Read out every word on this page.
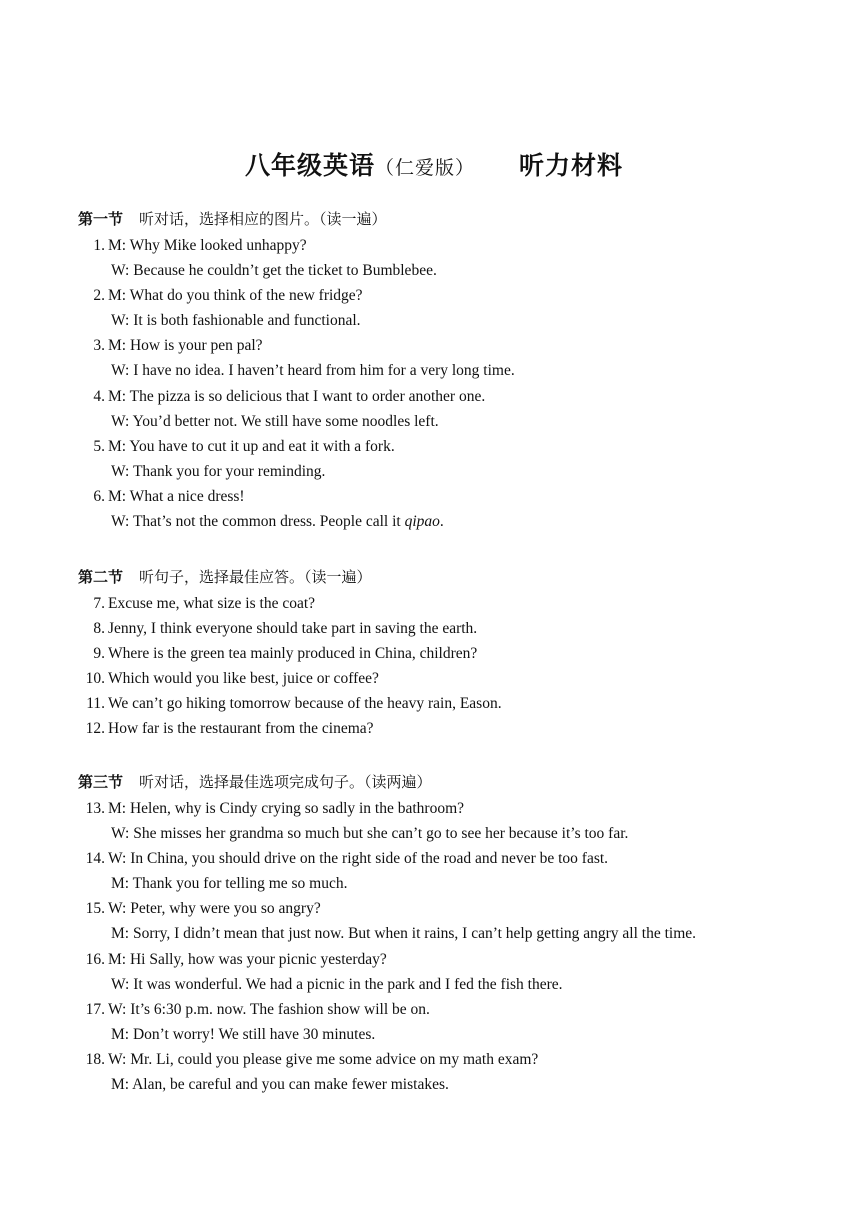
八年级英语（仁爱版） 听力材料
第一节 听对话，选择相应的图片。（读一遍）
1. M: Why Mike looked unhappy?
W: Because he couldn’t get the ticket to Bumblebee.
2. M: What do you think of the new fridge?
W: It is both fashionable and functional.
3. M: How is your pen pal?
W: I have no idea. I haven’t heard from him for a very long time.
4. M: The pizza is so delicious that I want to order another one.
W: You’d better not. We still have some noodles left.
5. M: You have to cut it up and eat it with a fork.
W: Thank you for your reminding.
6. M: What a nice dress!
W: That’s not the common dress. People call it qipao.
第二节 听句子，选择最佳应答。（读一遍）
7. Excuse me, what size is the coat?
8. Jenny, I think everyone should take part in saving the earth.
9. Where is the green tea mainly produced in China, children?
10. Which would you like best, juice or coffee?
11. We can’t go hiking tomorrow because of the heavy rain, Eason.
12. How far is the restaurant from the cinema?
第三节 听对话，选择最佳选项完成句子。（读两遍）
13. M: Helen, why is Cindy crying so sadly in the bathroom?
W: She misses her grandma so much but she can’t go to see her because it’s too far.
14. W: In China, you should drive on the right side of the road and never be too fast.
M: Thank you for telling me so much.
15. W: Peter, why were you so angry?
M: Sorry, I didn’t mean that just now. But when it rains, I can’t help getting angry all the time.
16. M: Hi Sally, how was your picnic yesterday?
W: It was wonderful. We had a picnic in the park and I fed the fish there.
17. W: It’s 6:30 p.m. now. The fashion show will be on.
M: Don’t worry! We still have 30 minutes.
18. W: Mr. Li, could you please give me some advice on my math exam?
M: Alan, be careful and you can make fewer mistakes.
